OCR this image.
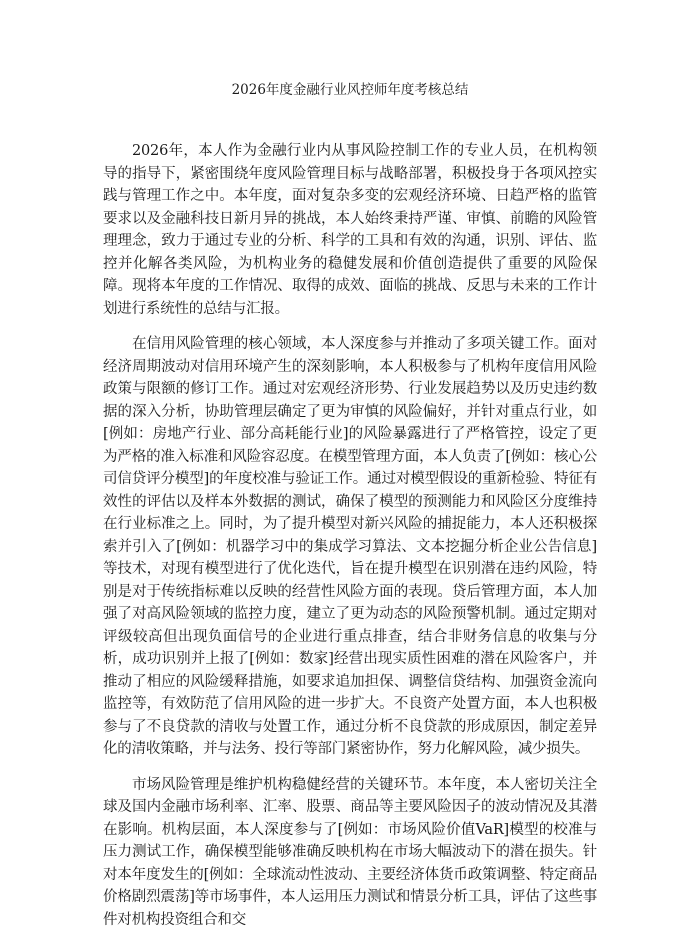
2026年度金融行业风控师年度考核总结

2026年，本人作为金融行业内从事风险控制工作的专业人员，在机构领导的指导下，紧密围绕年度风险管理目标与战略部署，积极投身于各项风控实践与管理工作之中。本年度，面对复杂多变的宏观经济环境、日趋严格的监管要求以及金融科技日新月异的挑战，本人始终秉持严谨、审慎、前瞻的风险管理理念，致力于通过专业的分析、科学的工具和有效的沟通，识别、评估、监控并化解各类风险，为机构业务的稳健发展和价值创造提供了重要的风险保障。现将本年度的工作情况、取得的成效、面临的挑战、反思与未来的工作计划进行系统性的总结与汇报。

在信用风险管理的核心领域，本人深度参与并推动了多项关键工作。面对经济周期波动对信用环境产生的深刻影响，本人积极参与了机构年度信用风险政策与限额的修订工作。通过对宏观经济形势、行业发展趋势以及历史违约数据的深入分析，协助管理层确定了更为审慎的风险偏好，并针对重点行业，如[例如：房地产行业、部分高耗能行业]的风险暴露进行了严格管控，设定了更为严格的准入标准和风险容忍度。在模型管理方面，本人负责了[例如：核心公司信贷评分模型]的年度校准与验证工作。通过对模型假设的重新检验、特征有效性的评估以及样本外数据的测试，确保了模型的预测能力和风险区分度维持在行业标准之上。同时，为了提升模型对新兴风险的捕捉能力，本人还积极探索并引入了[例如：机器学习中的集成学习算法、文本挖掘分析企业公告信息]等技术，对现有模型进行了优化迭代，旨在提升模型在识别潜在违约风险，特别是对于传统指标难以反映的经营性风险方面的表现。贷后管理方面，本人加强了对高风险领域的监控力度，建立了更为动态的风险预警机制。通过定期对评级较高但出现负面信号的企业进行重点排查，结合非财务信息的收集与分析，成功识别并上报了[例如：数家]经营出现实质性困难的潜在风险客户，并推动了相应的风险缓释措施，如要求追加担保、调整信贷结构、加强资金流向监控等，有效防范了信用风险的进一步扩大。不良资产处置方面，本人也积极参与了不良贷款的清收与处置工作，通过分析不良贷款的形成原因，制定差异化的清收策略，并与法务、投行等部门紧密协作，努力化解风险，减少损失。

市场风险管理是维护机构稳健经营的关键环节。本年度，本人密切关注全球及国内金融市场利率、汇率、股票、商品等主要风险因子的波动情况及其潜在影响。机构层面，本人深度参与了[例如：市场风险价值VaR]模型的校准与压力测试工作，确保模型能够准确反映机构在市场大幅波动下的潜在损失。针对本年度发生的[例如：全球流动性波动、主要经济体货币政策调整、特定商品价格剧烈震荡]等市场事件，本人运用压力测试和情景分析工具，评估了这些事件对机构投资组合和交
